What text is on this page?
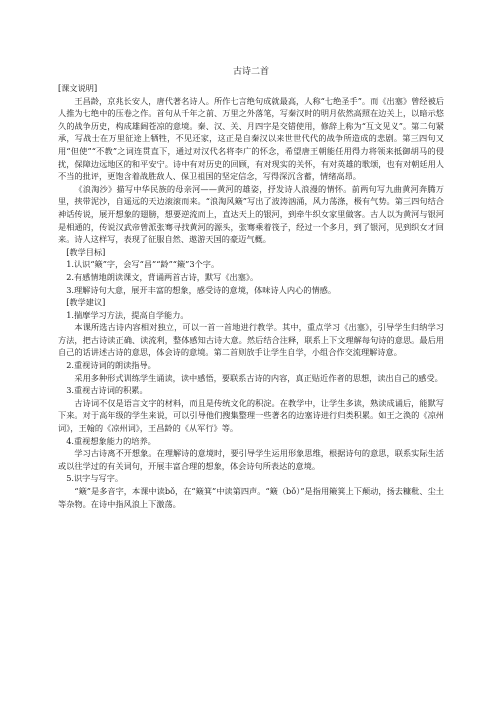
古诗二首

[课文说明]

王昌龄，京兆长安人，唐代著名诗人。所作七言绝句成就最高，人称“七绝圣手”。而《出塞》曾经被后人推为七绝中的压卷之作。首句从千年之前、万里之外落笔，写秦汉时的明月依然高照在边关上，以暗示悠久的战争历史，构成雄阔苍凉的意境。秦、汉、关、月四字是交错使用，修辞上称为“互文见义”。第二句紧承，写战士在万里征途上牺牲，不见还家，这正是自秦汉以来世世代代的战争所造成的悲剧。第三四句又用“但使”“不教”之词连贯直下，通过对汉代名将李广的怀念，希望唐王朝能任用得力将领来抵御胡马的侵扰，保障边远地区的和平安宁。诗中有对历史的回顾，有对现实的关怀，有对英雄的歌颂，也有对朝廷用人不当的批评，更饱含着战胜敌人、保卫祖国的坚定信念，写得深沉含蓄，情绪高昂。

《浪淘沙》描写中华民族的母亲河——黄河的雄姿，抒发诗人浪漫的情怀。前两句写九曲黄河奔腾万里，挟带泥沙，自遥远的天边滚滚而来。“浪淘风簸”写出了波涛汹涌，风力荡涤，极有气势。第三四句结合神话传说，展开想象的翅膀，想要逆流而上，直达天上的银河，到牵牛织女家里做客。古人以为黄河与银河是相通的，传说汉武帝曾派张骞寻找黄河的源头，张骞乘着筏子，经过一个多月，到了银河，见到织女才回来。诗人这样写，表现了征服自然、遨游天国的豪迈气概。

[教学目标]

1.认识“簸”字，会写“昌”“龄”“簸”3个字。

2.有感情地朗读课文，背诵两首古诗，默写《出塞》。

3.理解诗句大意，展开丰富的想象，感受诗的意境，体味诗人内心的情感。

[教学建议]

1.揣摩学习方法，提高自学能力。

本课所选古诗内容相对独立，可以一首一首地进行教学。其中，重点学习《出塞》，引导学生归纳学习方法，把古诗读正确、读流利，整体感知古诗大意。然后结合注释，联系上下文理解每句诗的意思。最后用自己的话讲述古诗的意思，体会诗的意境。第二首则放手让学生自学，小组合作交流理解诗意。

2.重视诗词的朗读指导。

采用多种形式训练学生诵读，读中感悟，要联系古诗的内容，真正贴近作者的思想，读出自己的感受。

3.重视古诗词的积累。

古诗词不仅是语言文字的材料，而且是传统文化的积淀。在教学中，让学生多读，熟读成诵后，能默写下来。对于高年级的学生来说，可以引导他们搜集整理一些著名的边塞诗进行归类积累。如王之涣的《凉州词》，王翰的《凉州词》，王昌龄的《从军行》等。

4.重视想象能力的培养。

学习古诗离不开想象。在理解诗的意境时，要引导学生运用形象思维，根据诗句的意思，联系实际生活或以往学过的有关词句，开展丰富合理的想象，体会诗句所表达的意境。

5.识字与写字。

“簸”是多音字，本课中读bǒ，在“簸箕”中读第四声。“簸（bǒ）”是指用簸箕上下颠动，扬去糠秕、尘土等杂物。在诗中指风浪上下激荡。
